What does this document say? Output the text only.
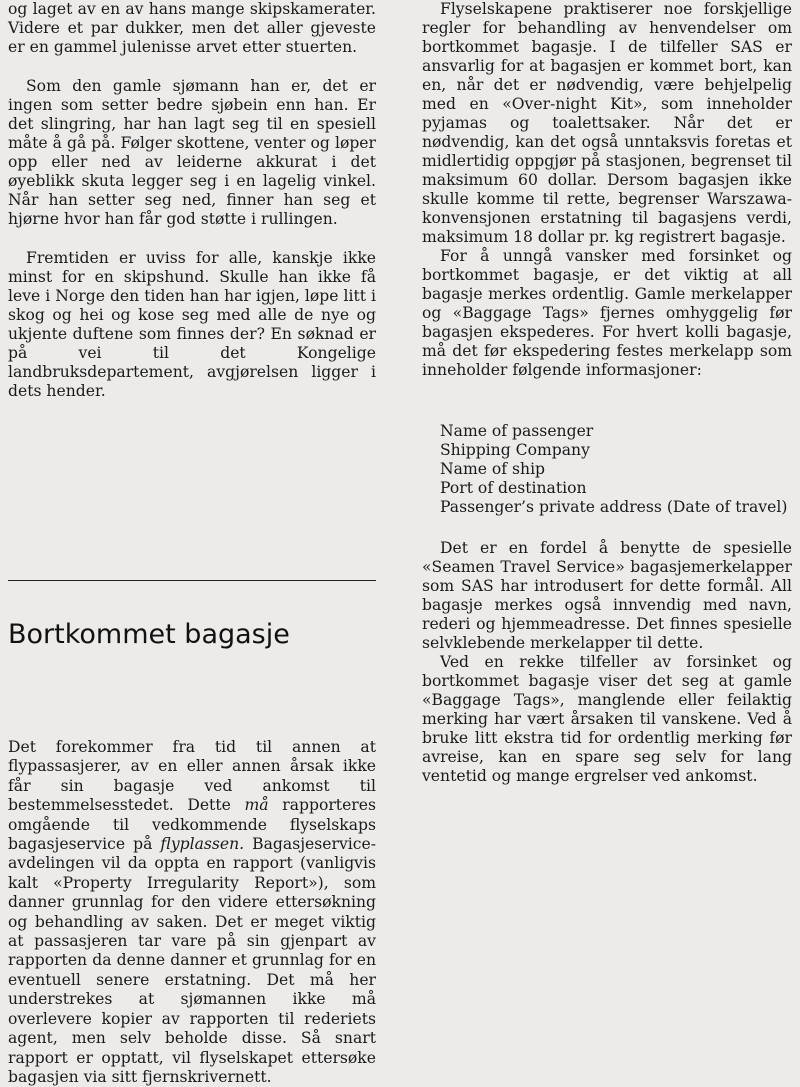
og laget av en av hans mange skipskamerater. Videre et par dukker, men det aller gjeveste er en gammel julenisse arvet etter stuerten.

Som den gamle sjømann han er, det er ingen som setter bedre sjøbein enn han. Er det slingring, har han lagt seg til en spesiell måte å gå på. Følger skottene, venter og løper opp eller ned av leiderne akkurat i det øyeblikk skuta legger seg i en lagelig vinkel. Når han setter seg ned, finner han seg et hjørne hvor han får god støtte i rullingen.

Fremtiden er uviss for alle, kanskje ikke minst for en skipshund. Skulle han ikke få leve i Norge den tiden han har igjen, løpe litt i skog og hei og kose seg med alle de nye og ukjente duftene som finnes der? En søknad er på vei til det Kongelige landbruksdepartement, avgjørelsen ligger i dets hender.

Bortkommet bagasje

Det forekommer fra tid til annen at flypassasjerer, av en eller annen årsak ikke får sin bagasje ved ankomst til bestemmelsesstedet. Dette må rapporteres omgående til vedkommende flyselskaps bagasjeservice på flyplassen. Bagasjeservice-avdelingen vil da oppta en rapport (vanligvis kalt «Property Irregularity Report»), som danner grunnlag for den videre ettersøkning og behandling av saken. Det er meget viktig at passasjeren tar vare på sin gjenpart av rapporten da denne danner et grunnlag for en eventuell senere erstatning. Det må her understrekes at sjømannen ikke må overlevere kopier av rapporten til rederiets agent, men selv beholde disse. Så snart rapport er opptatt, vil flyselskapet ettersøke bagasjen via sitt fjernskrivernett.

Flyselskapene praktiserer noe forskjellige regler for behandling av henvendelser om bortkommet bagasje. I de tilfeller SAS er ansvarlig for at bagasjen er kommet bort, kan en, når det er nødvendig, være behjelpelig med en «Over-night Kit», som inneholder pyjamas og toalettsaker. Når det er nødvendig, kan det også unntaksvis foretas et midlertidig oppgjør på stasjonen, begrenset til maksimum 60 dollar. Dersom bagasjen ikke skulle komme til rette, begrenser Warszawa-konvensjonen erstatning til bagasjens verdi, maksimum 18 dollar pr. kg registrert bagasje.

For å unngå vansker med forsinket og bortkommet bagasje, er det viktig at all bagasje merkes ordentlig. Gamle merkelapper og «Baggage Tags» fjernes omhyggelig før bagasjen ekspederes. For hvert kolli bagasje, må det før ekspedering festes merkelapp som inneholder følgende informasjoner:

Name of passenger
Shipping Company
Name of ship
Port of destination
Passenger’s private address (Date of travel)

Det er en fordel å benytte de spesielle «Seamen Travel Service» bagasjemerkelapper som SAS har introdusert for dette formål. All bagasje merkes også innvendig med navn, rederi og hjemmeadresse. Det finnes spesielle selvklebende merkelapper til dette.

Ved en rekke tilfeller av forsinket og bortkommet bagasje viser det seg at gamle «Baggage Tags», manglende eller feilaktig merking har vært årsaken til vanskene. Ved å bruke litt ekstra tid for ordentlig merking før avreise, kan en spare seg selv for lang ventetid og mange ergrelser ved ankomst.
